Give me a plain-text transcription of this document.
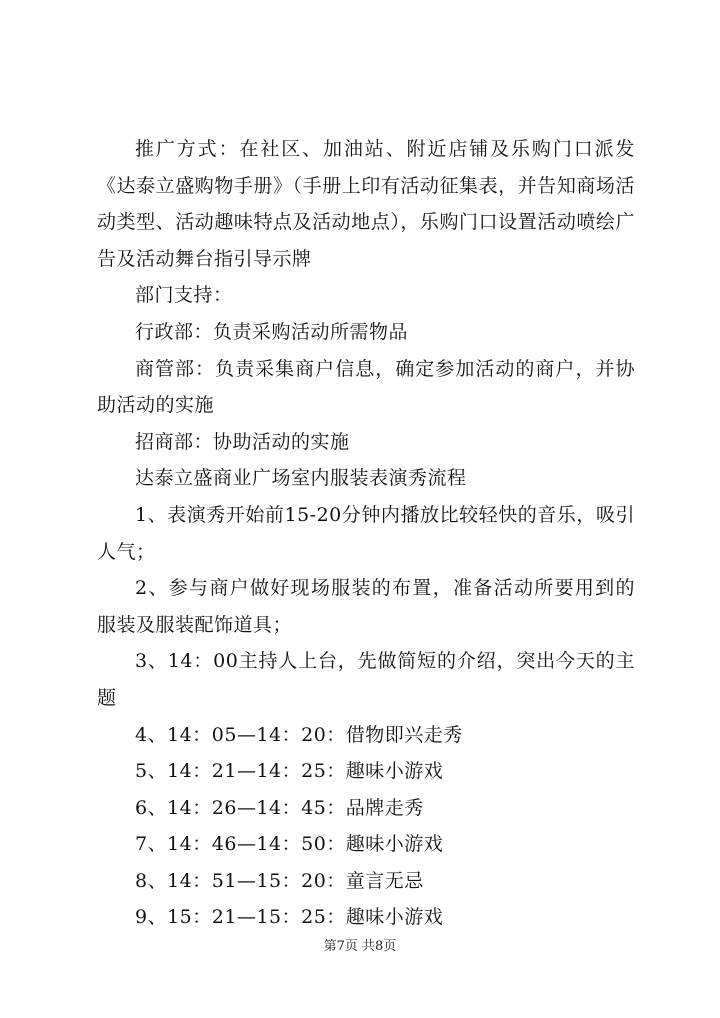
推广方式：在社区、加油站、附近店铺及乐购门口派发《达泰立盛购物手册》（手册上印有活动征集表，并告知商场活动类型、活动趣味特点及活动地点），乐购门口设置活动喷绘广告及活动舞台指引导示牌

部门支持：

行政部：负责采购活动所需物品

商管部：负责采集商户信息，确定参加活动的商户，并协助活动的实施

招商部：协助活动的实施

达泰立盛商业广场室内服装表演秀流程

1、表演秀开始前15-20分钟内播放比较轻快的音乐，吸引人气；

2、参与商户做好现场服装的布置，准备活动所要用到的服装及服装配饰道具；

3、14：00主持人上台，先做简短的介绍，突出今天的主题

4、14：05—14：20：借物即兴走秀

5、14：21—14：25：趣味小游戏

6、14：26—14：45：品牌走秀

7、14：46—14：50：趣味小游戏

8、14：51—15：20：童言无忌

9、15：21—15：25：趣味小游戏

第7页 共8页
